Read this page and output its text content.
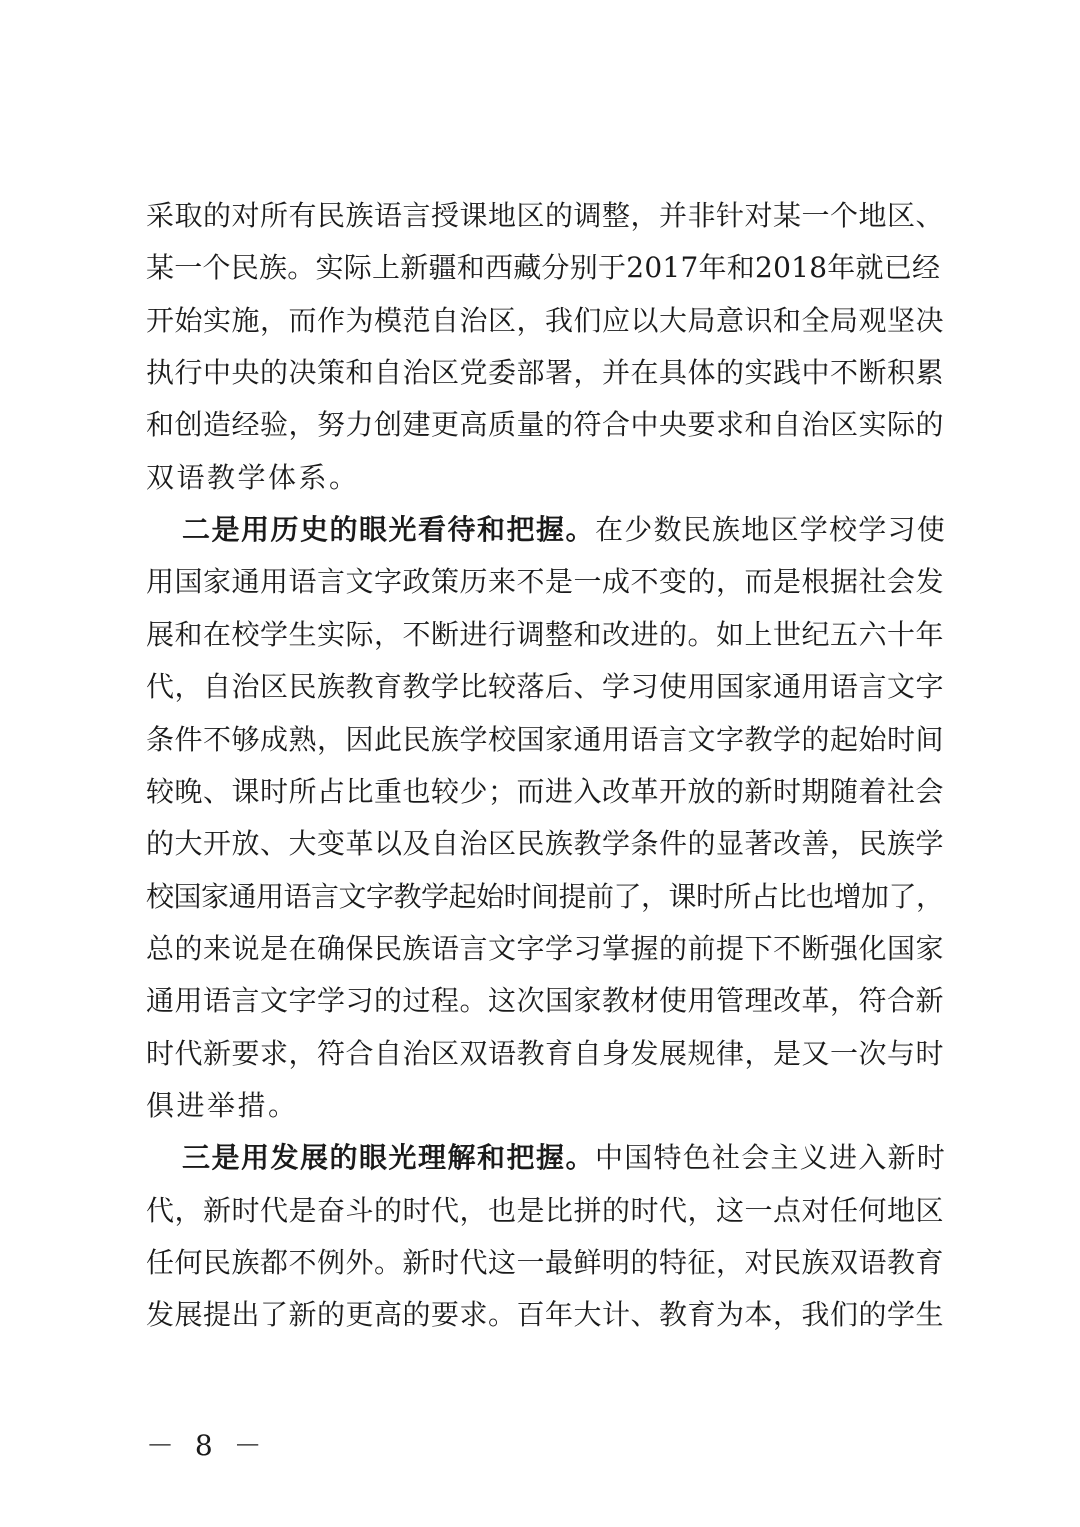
采取的对所有民族语言授课地区的调整，并非针对某一个地区、
某一个民族。实际上新疆和西藏分别于2017年和2018年就已经
开始实施，而作为模范自治区，我们应以大局意识和全局观坚决
执行中央的决策和自治区党委部署，并在具体的实践中不断积累
和创造经验，努力创建更高质量的符合中央要求和自治区实际的
双语教学体系。
二是用历史的眼光看待和把握。在少数民族地区学校学习使
用国家通用语言文字政策历来不是一成不变的，而是根据社会发
展和在校学生实际，不断进行调整和改进的。如上世纪五六十年
代，自治区民族教育教学比较落后、学习使用国家通用语言文字
条件不够成熟，因此民族学校国家通用语言文字教学的起始时间
较晚、课时所占比重也较少；而进入改革开放的新时期随着社会
的大开放、大变革以及自治区民族教学条件的显著改善，民族学
校国家通用语言文字教学起始时间提前了，课时所占比也增加了，
总的来说是在确保民族语言文字学习掌握的前提下不断强化国家
通用语言文字学习的过程。这次国家教材使用管理改革，符合新
时代新要求，符合自治区双语教育自身发展规律，是又一次与时
俱进举措。
三是用发展的眼光理解和把握。中国特色社会主义进入新时
代，新时代是奋斗的时代，也是比拼的时代，这一点对任何地区
任何民族都不例外。新时代这一最鲜明的特征，对民族双语教育
发展提出了新的更高的要求。百年大计、教育为本，我们的学生
－ 8 －
